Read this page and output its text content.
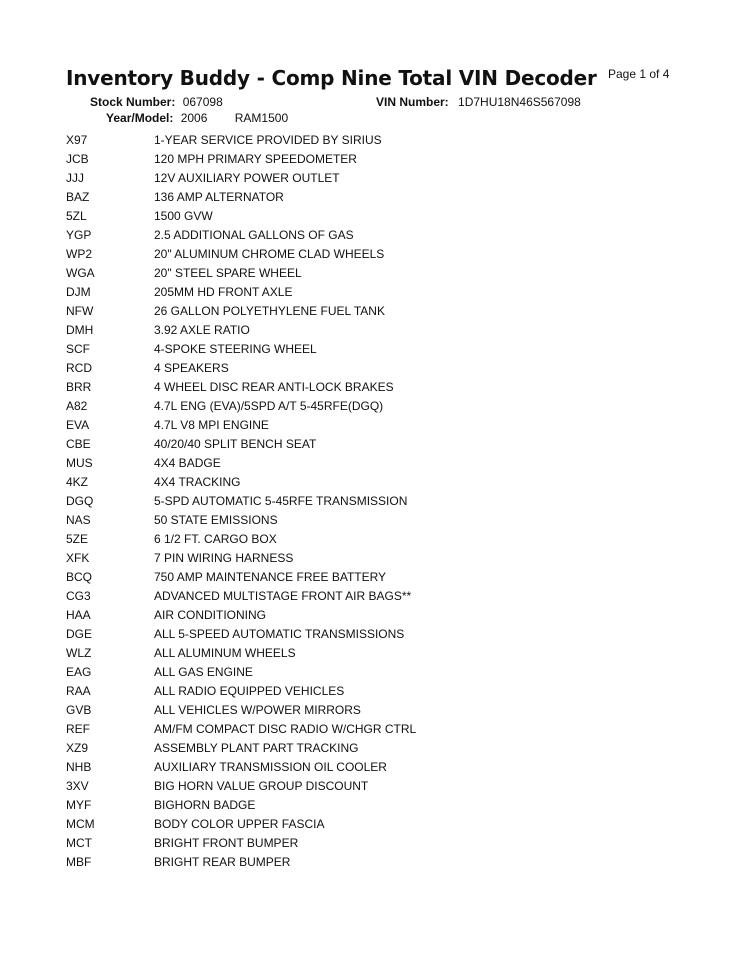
Inventory Buddy - Comp Nine Total VIN Decoder Page 1 of 4
Stock Number: 067098	VIN Number: 1D7HU18N46S567098
Year/Model: 2006 RAM1500
X97	1-YEAR SERVICE PROVIDED BY SIRIUS
JCB	120 MPH PRIMARY SPEEDOMETER
JJJ	12V AUXILIARY POWER OUTLET
BAZ	136 AMP ALTERNATOR
5ZL	1500 GVW
YGP	2.5 ADDITIONAL GALLONS OF GAS
WP2	20" ALUMINUM CHROME CLAD WHEELS
WGA	20" STEEL SPARE WHEEL
DJM	205MM HD FRONT AXLE
NFW	26 GALLON POLYETHYLENE FUEL TANK
DMH	3.92 AXLE RATIO
SCF	4-SPOKE STEERING WHEEL
RCD	4 SPEAKERS
BRR	4 WHEEL DISC REAR ANTI-LOCK BRAKES
A82	4.7L ENG (EVA)/5SPD A/T 5-45RFE(DGQ)
EVA	4.7L V8 MPI ENGINE
CBE	40/20/40 SPLIT BENCH SEAT
MUS	4X4 BADGE
4KZ	4X4 TRACKING
DGQ	5-SPD AUTOMATIC 5-45RFE TRANSMISSION
NAS	50 STATE EMISSIONS
5ZE	6 1/2 FT. CARGO BOX
XFK	7 PIN WIRING HARNESS
BCQ	750 AMP MAINTENANCE FREE BATTERY
CG3	ADVANCED MULTISTAGE FRONT AIR BAGS**
HAA	AIR CONDITIONING
DGE	ALL 5-SPEED AUTOMATIC TRANSMISSIONS
WLZ	ALL ALUMINUM WHEELS
EAG	ALL GAS ENGINE
RAA	ALL RADIO EQUIPPED VEHICLES
GVB	ALL VEHICLES W/POWER MIRRORS
REF	AM/FM COMPACT DISC RADIO W/CHGR CTRL
XZ9	ASSEMBLY PLANT PART TRACKING
NHB	AUXILIARY TRANSMISSION OIL COOLER
3XV	BIG HORN VALUE GROUP DISCOUNT
MYF	BIGHORN BADGE
MCM	BODY COLOR UPPER FASCIA
MCT	BRIGHT FRONT BUMPER
MBF	BRIGHT REAR BUMPER
